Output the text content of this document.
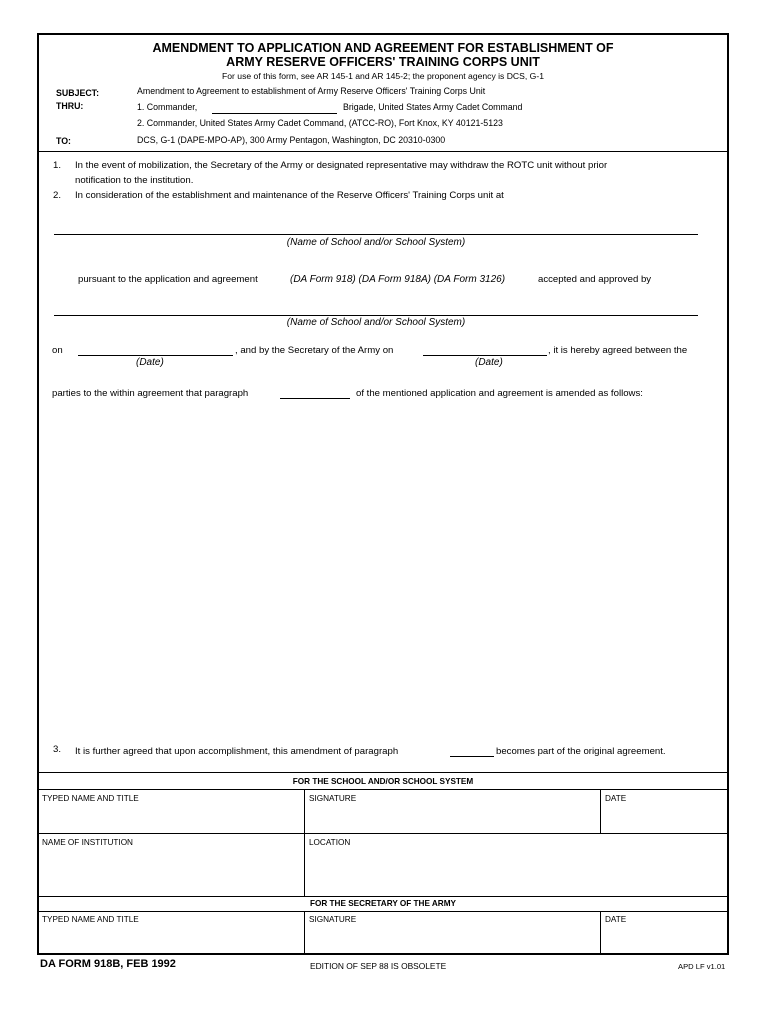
AMENDMENT TO APPLICATION AND AGREEMENT FOR ESTABLISHMENT OF
ARMY RESERVE OFFICERS' TRAINING CORPS UNIT
For use of this form, see AR 145-1 and AR 145-2; the proponent agency is DCS, G-1
SUBJECT:	Amendment to Agreement to establishment of Army Reserve Officers' Training Corps Unit
THRU:	1. Commander,	Brigade, United States Army Cadet Command
2. Commander, United States Army Cadet Command, (ATCC-RO), Fort Knox, KY 40121-5123
TO:	DCS, G-1 (DAPE-MPO-AP), 300 Army Pentagon, Washington, DC 20310-0300
1. In the event of mobilization, the Secretary of the Army or designated representative may withdraw the ROTC unit without prior
notification to the institution.
2. In consideration of the establishment and maintenance of the Reserve Officers' Training Corps unit at
(Name of School and/or School System)
pursuant to the application and agreement	(DA Form 918) (DA Form 918A) (DA Form 3126)	accepted and approved by
(Name of School and/or School System)
on	, and by the Secretary of the Army on	, it is hereby agreed between the
(Date)	(Date)
parties to the within agreement that paragraph	of the mentioned application and agreement is amended as follows:
3. It is further agreed that upon accomplishment, this amendment of paragraph	becomes part of the original agreement.
FOR THE SCHOOL AND/OR SCHOOL SYSTEM
TYPED NAME AND TITLE	SIGNATURE	DATE
NAME OF INSTITUTION	LOCATION
FOR THE SECRETARY OF THE ARMY
TYPED NAME AND TITLE	SIGNATURE	DATE
DA FORM 918B, FEB 1992	EDITION OF SEP 88 IS OBSOLETE	APD LF v1.01
